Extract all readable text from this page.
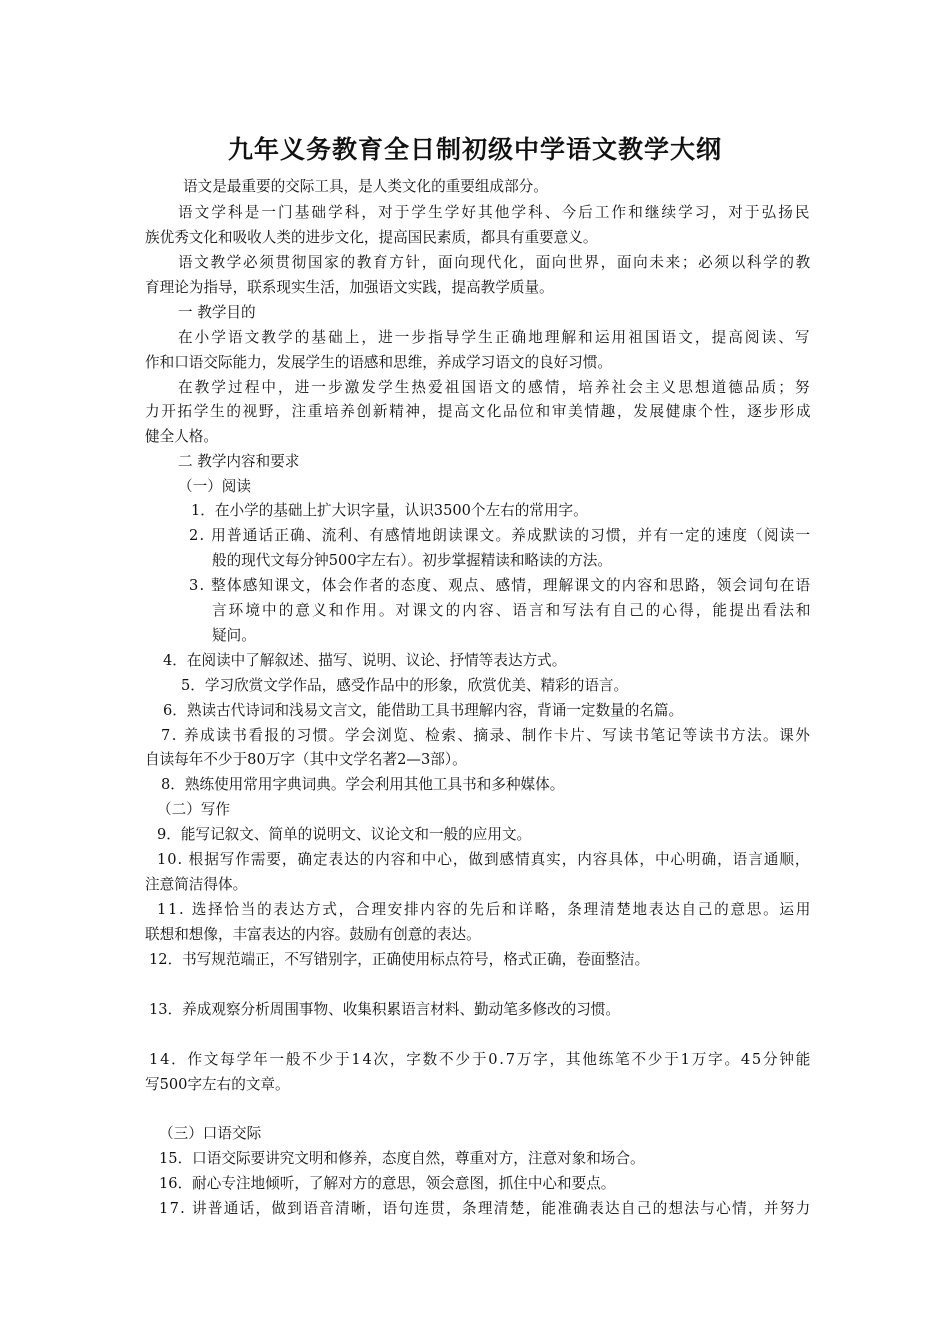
九年义务教育全日制初级中学语文教学大纲
语文是最重要的交际工具，是人类文化的重要组成部分。
语文学科是一门基础学科，对于学生学好其他学科、今后工作和继续学习，对于弘扬民
族优秀文化和吸收人类的进步文化，提高国民素质，都具有重要意义。
语文教学必须贯彻国家的教育方针，面向现代化，面向世界，面向未来；必须以科学的教
育理论为指导，联系现实生活，加强语文实践，提高教学质量。
一 教学目的
在小学语文教学的基础上，进一步指导学生正确地理解和运用祖国语文，提高阅读、写
作和口语交际能力，发展学生的语感和思维，养成学习语文的良好习惯。
在教学过程中，进一步激发学生热爱祖国语文的感情，培养社会主义思想道德品质；努
力开拓学生的视野，注重培养创新精神，提高文化品位和审美情趣，发展健康个性，逐步形成
健全人格。
二 教学内容和要求
（一）阅读
1．在小学的基础上扩大识字量，认识3500个左右的常用字。
2. 用普通话正确、流利、有感情地朗读课文。养成默读的习惯，并有一定的速度（阅读一
般的现代文每分钟500字左右）。初步掌握精读和略读的方法。
3. 整体感知课文，体会作者的态度、观点、感情，理解课文的内容和思路，领会词句在语
言环境中的意义和作用。对课文的内容、语言和写法有自己的心得，能提出看法和
疑问。
4．在阅读中了解叙述、描写、说明、议论、抒情等表达方式。
5．学习欣赏文学作品，感受作品中的形象，欣赏优美、精彩的语言。
6．熟读古代诗词和浅易文言文，能借助工具书理解内容，背诵一定数量的名篇。
7. 养成读书看报的习惯。学会浏览、检索、摘录、制作卡片、写读书笔记等读书方法。课外
自读每年不少于80万字（其中文学名著2—3部）。
8．熟练使用常用字典词典。学会利用其他工具书和多种媒体。
（二）写作
9．能写记叙文、简单的说明文、议论文和一般的应用文。
10. 根据写作需要，确定表达的内容和中心，做到感情真实，内容具体，中心明确，语言通顺，
注意简洁得体。
11. 选择恰当的表达方式，合理安排内容的先后和详略，条理清楚地表达自己的意思。运用
联想和想像，丰富表达的内容。鼓励有创意的表达。
12．书写规范端正，不写错别字，正确使用标点符号，格式正确，卷面整洁。
13．养成观察分析周围事物、收集积累语言材料、勤动笔多修改的习惯。
14．作文每学年一般不少于14次，字数不少于0.7万字，其他练笔不少于1万字。45分钟能
写500字左右的文章。
（三）口语交际
15．口语交际要讲究文明和修养，态度自然，尊重对方，注意对象和场合。
16．耐心专注地倾听，了解对方的意思，领会意图，抓住中心和要点。
17. 讲普通话，做到语音清晰，语句连贯，条理清楚，能准确表达自己的想法与心情，并努力
